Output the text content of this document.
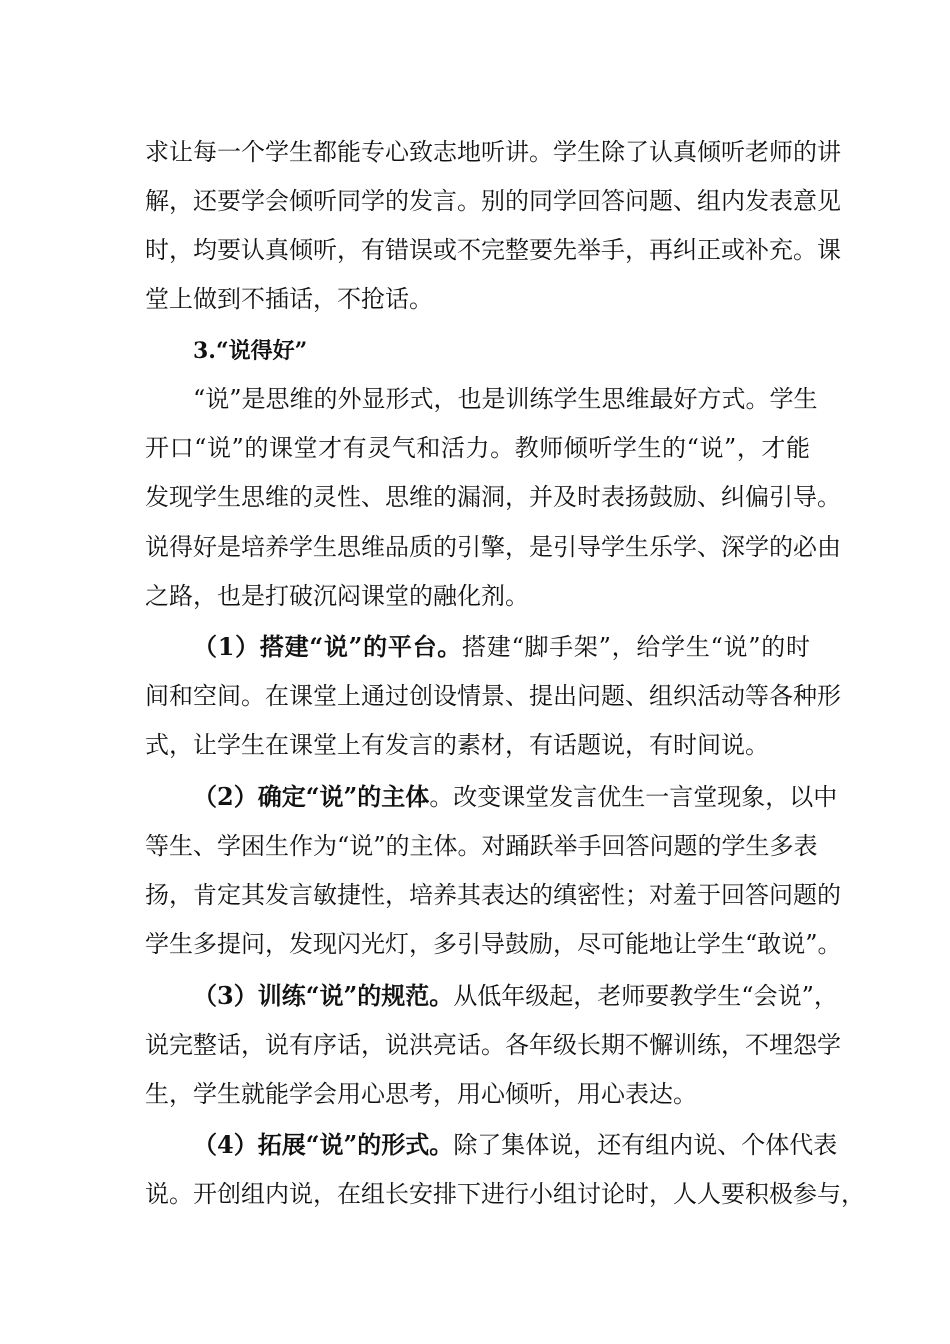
求让每一个学生都能专心致志地听讲。学生除了认真倾听老师的讲
解，还要学会倾听同学的发言。别的同学回答问题、组内发表意见
时，均要认真倾听，有错误或不完整要先举手，再纠正或补充。课
堂上做到不插话，不抢话。
3.“说得好”
“说”是思维的外显形式，也是训练学生思维最好方式。学生
开口“说”的课堂才有灵气和活力。教师倾听学生的“说”，才能
发现学生思维的灵性、思维的漏洞，并及时表扬鼓励、纠偏引导。
说得好是培养学生思维品质的引擎，是引导学生乐学、深学的必由
之路，也是打破沉闷课堂的融化剂。
（1）搭建“说”的平台。搭建“脚手架”，给学生“说”的时
间和空间。在课堂上通过创设情景、提出问题、组织活动等各种形
式，让学生在课堂上有发言的素材，有话题说，有时间说。
（2）确定“说”的主体。改变课堂发言优生一言堂现象，以中
等生、学困生作为“说”的主体。对踊跃举手回答问题的学生多表
扬，肯定其发言敏捷性，培养其表达的缜密性；对羞于回答问题的
学生多提问，发现闪光灯，多引导鼓励，尽可能地让学生“敢说”。
（3）训练“说”的规范。从低年级起，老师要教学生“会说”，
说完整话，说有序话，说洪亮话。各年级长期不懈训练，不埋怨学
生，学生就能学会用心思考，用心倾听，用心表达。
（4）拓展“说”的形式。除了集体说，还有组内说、个体代表
说。开创组内说，在组长安排下进行小组讨论时，人人要积极参与，
